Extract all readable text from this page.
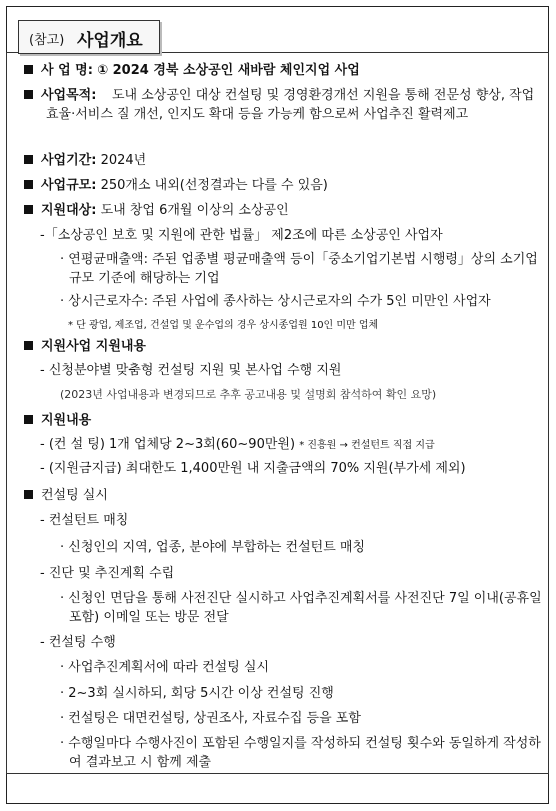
(참고) 사업개요
사 업 명: ① 2024 경북 소상공인 새바람 체인지업 사업
사업목적:	도내 소상공인 대상 컨설팅 및 경영환경개선 지원을 통해 전문성 향상, 작업효율·서비스 질 개선, 인지도 확대 등을 가능케 함으로써 사업추진 활력제고
사업기간: 2024년
사업규모: 250개소 내외(선정결과는 다를 수 있음)
지원대상: 도내 창업 6개월 이상의 소상공인
-「소상공인 보호 및 지원에 관한 법률」 제2조에 따른 소상공인 사업자
· 연평균매출액: 주된 업종별 평균매출액 등이「중소기업기본법 시행령」상의 소기업 규모 기준에 해당하는 기업
· 상시근로자수: 주된 사업에 종사하는 상시근로자의 수가 5인 미만인 사업자
* 단 광업, 제조업, 건설업 및 운수업의 경우 상시종업원 10인 미만 업체
지원사업 지원내용
- 신청분야별 맞춤형 컨설팅 지원 및 본사업 수행 지원
(2023년 사업내용과 변경되므로 추후 공고내용 및 설명회 참석하여 확인 요망)
지원내용
- (컨 설 팅) 1개 업체당 2~3회(60~90만원) * 진흥원 → 컨설턴트 직접 지급
- (지원금지급) 최대한도 1,400만원 내 지출금액의 70% 지원(부가세 제외)
컨설팅 실시
- 컨설턴트 매칭
· 신청인의 지역, 업종, 분야에 부합하는 컨설턴트 매칭
- 진단 및 추진계획 수립
· 신청인 면담을 통해 사전진단 실시하고 사업추진계획서를 사전진단 7일 이내(공휴일 포함) 이메일 또는 방문 전달
- 컨설팅 수행
· 사업추진계획서에 따라 컨설팅 실시
· 2~3회 실시하되, 회당 5시간 이상 컨설팅 진행
· 컨설팅은 대면컨설팅, 상권조사, 자료수집 등을 포함
· 수행일마다 수행사진이 포함된 수행일지를 작성하되 컨설팅 횟수와 동일하게 작성하여 결과보고 시 함께 제출
